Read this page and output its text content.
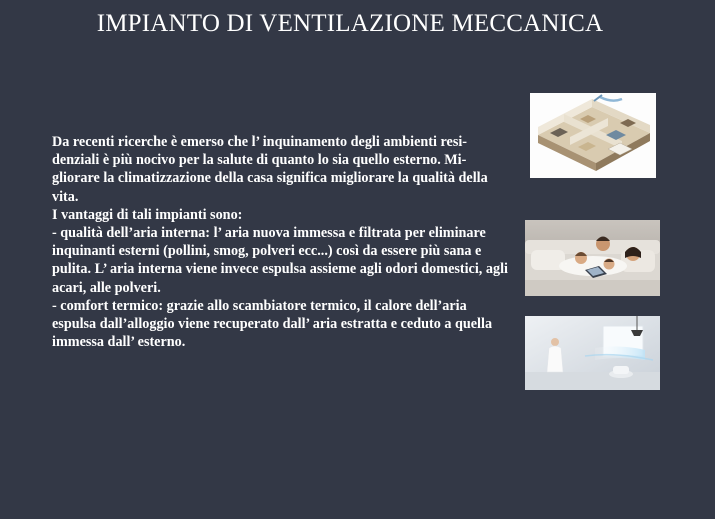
IMPIANTO DI VENTILAZIONE MECCANICA

Da recenti ricerche è emerso che l’ inquinamento degli ambienti resi-denziali è più nocivo per la salute di quanto lo sia quello esterno. Mi-gliorare la climatizzazione della casa significa migliorare la qualità della vita.

I vantaggi di tali impianti sono:

- qualità dell’aria interna: l’ aria nuova immessa e filtrata per eliminare inquinanti esterni (pollini, smog, polveri ecc...) così da essere più sana e pulita. L’ aria interna viene invece espulsa assieme agli odori domestici, agli acari, alle polveri.

- comfort termico: grazie allo scambiatore termico, il calore dell’aria espulsa dall’alloggio viene recuperato dall’ aria estratta e ceduto a quella immessa dall’ esterno.
